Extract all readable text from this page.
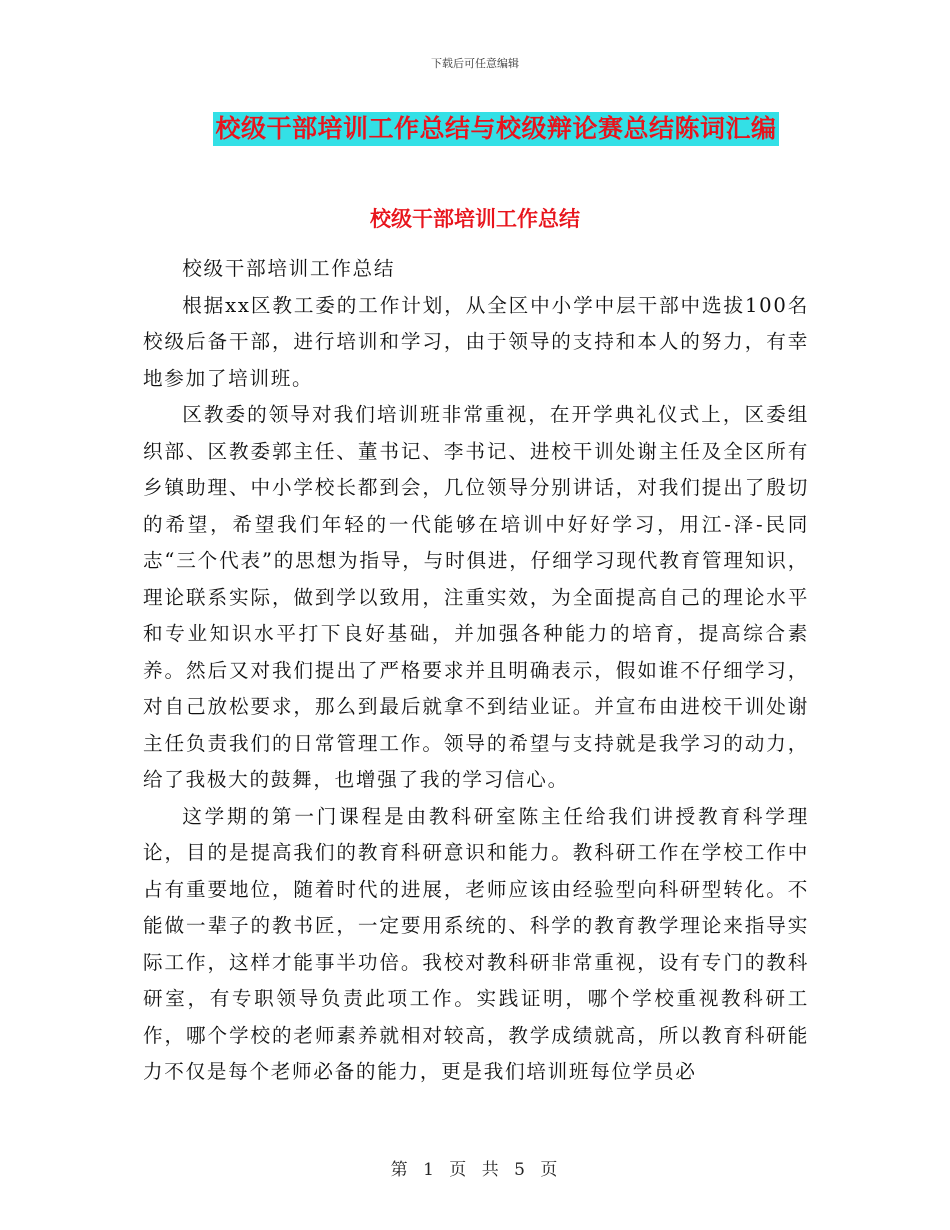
下载后可任意编辑
校级干部培训工作总结与校级辩论赛总结陈词汇编
校级干部培训工作总结

校级干部培训工作总结

根据xx区教工委的工作计划，从全区中小学中层干部中选拔100名校级后备干部，进行培训和学习，由于领导的支持和本人的努力，有幸地参加了培训班。

区教委的领导对我们培训班非常重视，在开学典礼仪式上，区委组织部、区教委郭主任、董书记、李书记、进校干训处谢主任及全区所有乡镇助理、中小学校长都到会，几位领导分别讲话，对我们提出了殷切的希望，希望我们年轻的一代能够在培训中好好学习，用江-泽-民同志“三个代表”的思想为指导，与时俱进，仔细学习现代教育管理知识，理论联系实际，做到学以致用，注重实效，为全面提高自己的理论水平和专业知识水平打下良好基础，并加强各种能力的培育，提高综合素养。然后又对我们提出了严格要求并且明确表示，假如谁不仔细学习，对自己放松要求，那么到最后就拿不到结业证。并宣布由进校干训处谢主任负责我们的日常管理工作。领导的希望与支持就是我学习的动力，给了我极大的鼓舞，也增强了我的学习信心。

这学期的第一门课程是由教科研室陈主任给我们讲授教育科学理论，目的是提高我们的教育科研意识和能力。教科研工作在学校工作中占有重要地位，随着时代的进展，老师应该由经验型向科研型转化。不能做一辈子的教书匠，一定要用系统的、科学的教育教学理论来指导实际工作，这样才能事半功倍。我校对教科研非常重视，设有专门的教科研室，有专职领导负责此项工作。实践证明，哪个学校重视教科研工作，哪个学校的老师素养就相对较高，教学成绩就高，所以教育科研能力不仅是每个老师必备的能力，更是我们培训班每位学员必

第 1 页 共 5 页
